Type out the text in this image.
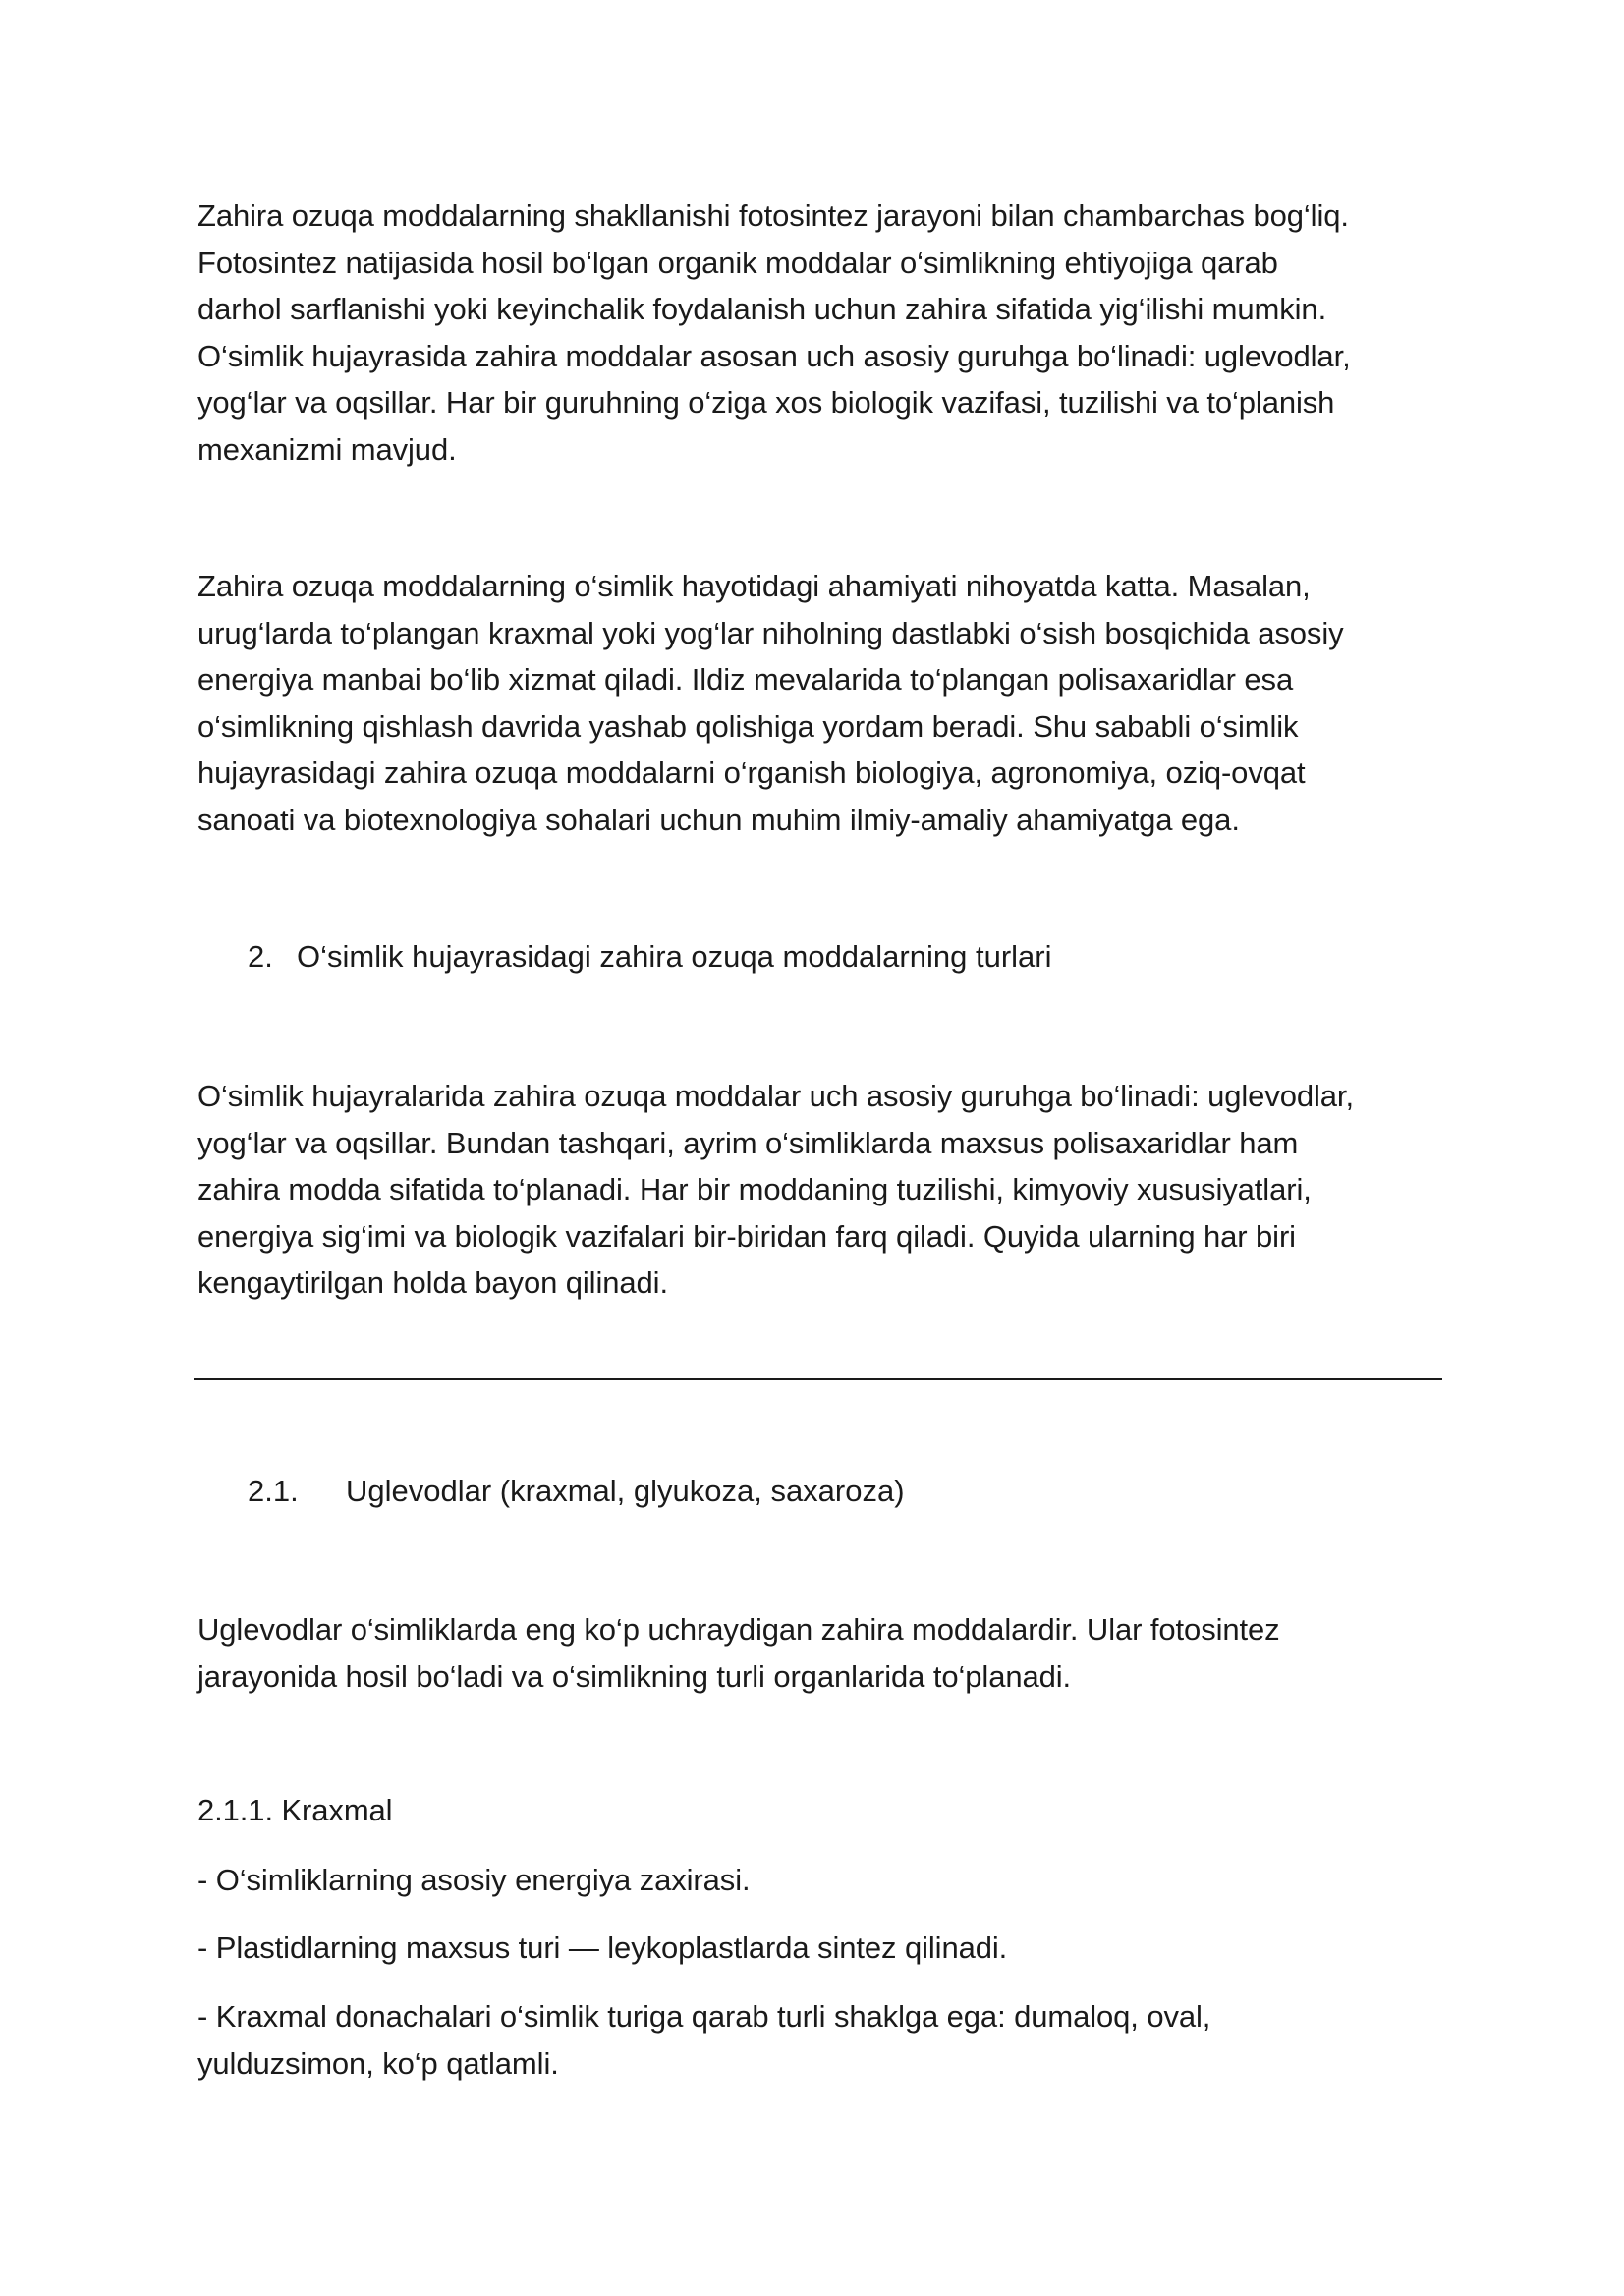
Zahira ozuqa moddalarning shakllanishi fotosintez jarayoni bilan chambarchas bog‘liq.
Fotosintez natijasida hosil bo‘lgan organik moddalar o‘simlikning ehtiyojiga qarab
darhol sarflanishi yoki keyinchalik foydalanish uchun zahira sifatida yig‘ilishi mumkin.
O‘simlik hujayrasida zahira moddalar asosan uch asosiy guruhga bo‘linadi: uglevodlar,
yog‘lar va oqsillar. Har bir guruhning o‘ziga xos biologik vazifasi, tuzilishi va to‘planish
mexanizmi mavjud.
Zahira ozuqa moddalarning o‘simlik hayotidagi ahamiyati nihoyatda katta. Masalan,
urug‘larda to‘plangan kraxmal yoki yog‘lar niholning dastlabki o‘sish bosqichida asosiy
energiya manbai bo‘lib xizmat qiladi. Ildiz mevalarida to‘plangan polisaxaridlar esa
o‘simlikning qishlash davrida yashab qolishiga yordam beradi. Shu sababli o‘simlik
hujayrasidagi zahira ozuqa moddalarni o‘rganish biologiya, agronomiya, oziq-ovqat
sanoati va biotexnologiya sohalari uchun muhim ilmiy-amaliy ahamiyatga ega.
2. O‘simlik hujayrasidagi zahira ozuqa moddalarning turlari
O‘simlik hujayralarida zahira ozuqa moddalar uch asosiy guruhga bo‘linadi: uglevodlar,
yog‘lar va oqsillar. Bundan tashqari, ayrim o‘simliklarda maxsus polisaxaridlar ham
zahira modda sifatida to‘planadi. Har bir moddaning tuzilishi, kimyoviy xususiyatlari,
energiya sig‘imi va biologik vazifalari bir-biridan farq qiladi. Quyida ularning har biri
kengaytirilgan holda bayon qilinadi.
2.1. Uglevodlar (kraxmal, glyukoza, saxaroza)
Uglevodlar o‘simliklarda eng ko‘p uchraydigan zahira moddalardir. Ular fotosintez
jarayonida hosil bo‘ladi va o‘simlikning turli organlarida to‘planadi.
2.1.1. Kraxmal
- O‘simliklarning asosiy energiya zaxirasi.
- Plastidlarning maxsus turi — leykoplastlarda sintez qilinadi.
- Kraxmal donachalari o‘simlik turiga qarab turli shaklga ega: dumaloq, oval,
yulduzsimon, ko‘p qatlamli.
